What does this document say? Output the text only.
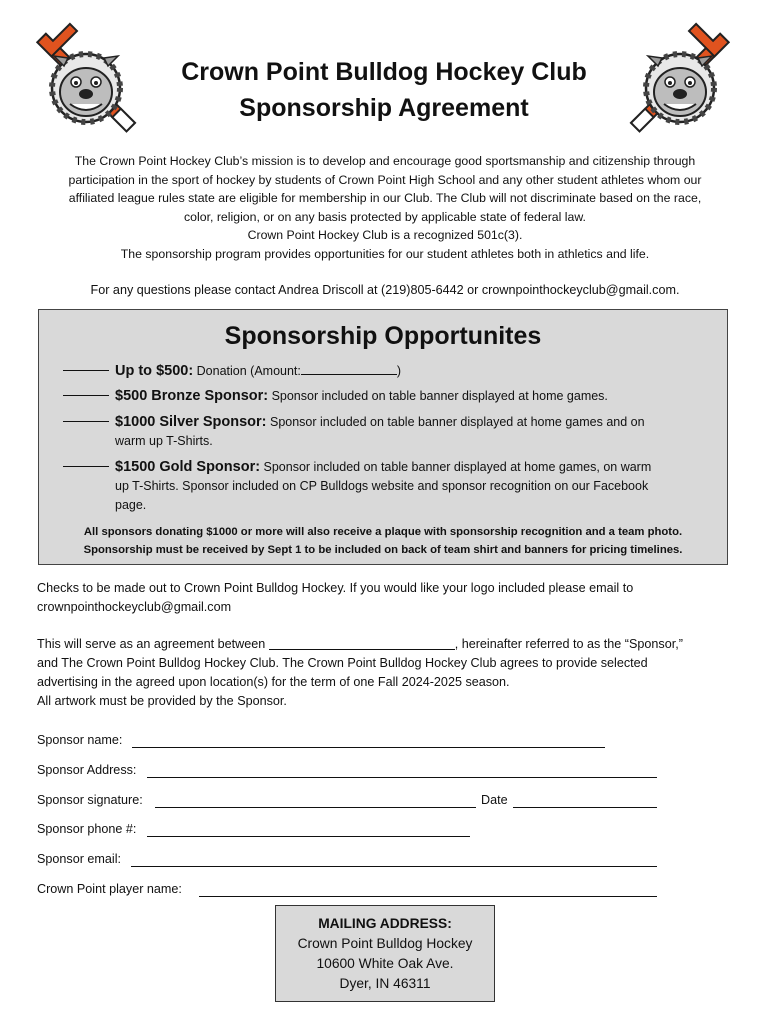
Crown Point Bulldog Hockey Club
Sponsorship Agreement
The Crown Point Hockey Club’s mission is to develop and encourage good sportsmanship and citizenship through
participation in the sport of hockey by students of Crown Point High School and any other student athletes whom our
affiliated league rules state are eligible for membership in our Club. The Club will not discriminate based on the race,
color, religion, or on any basis protected by applicable state of federal law.
Crown Point Hockey Club is a recognized 501c(3).
The sponsorship program provides opportunities for our student athletes both in athletics and life.
For any questions please contact Andrea Driscoll at (219)805-6442 or crownpointhockeyclub@gmail.com.
Sponsorship Opportunites
Up to $500: Donation (Amount:	)
$500 Bronze Sponsor: Sponsor included on table banner displayed at home games.
$1000 Silver Sponsor: Sponsor included on table banner displayed at home games and on
warm up T-Shirts.
$1500 Gold Sponsor: Sponsor included on table banner displayed at home games, on warm
up T-Shirts. Sponsor included on CP Bulldogs website and sponsor recognition on our Facebook
page.
All sponsors donating $1000 or more will also receive a plaque with sponsorship recognition and a team photo.
Sponsorship must be received by Sept 1 to be included on back of team shirt and banners for pricing timelines.
Checks to be made out to Crown Point Bulldog Hockey. If you would like your logo included please email to
crownpointhockeyclub@gmail.com
This will serve as an agreement between	, hereinafter referred to as the “Sponsor,”
and The Crown Point Bulldog Hockey Club. The Crown Point Bulldog Hockey Club agrees to provide selected
advertising in the agreed upon location(s) for the term of one Fall 2024-2025 season.
All artwork must be provided by the Sponsor.
Sponsor name:
Sponsor Address:
Sponsor signature:	Date
Sponsor phone #:
Sponsor email:
Crown Point player name:
MAILING ADDRESS:
Crown Point Bulldog Hockey
10600 White Oak Ave.
Dyer, IN 46311
